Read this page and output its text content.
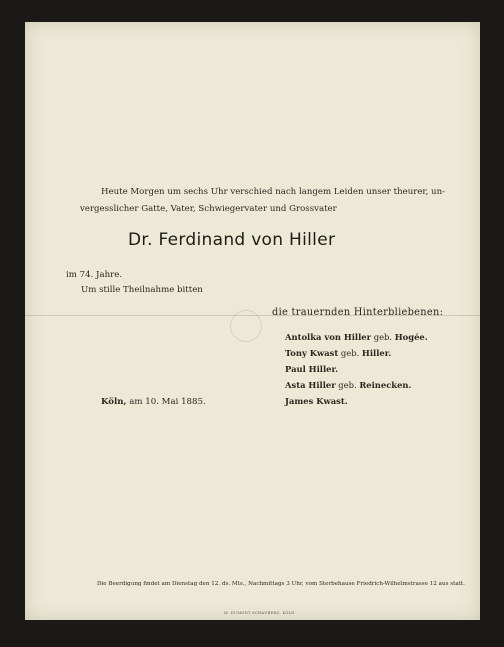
Heute Morgen um sechs Uhr verschied nach langem Leiden unser theurer, un-
vergesslicher Gatte, Vater, Schwiegervater und Grossvater
Dr. Ferdinand von Hiller
im 74. Jahre.
Um stille Theilnahme bitten
die trauernden Hinterbliebenen:
Antolka von Hiller geb. Hogée.
Tony Kwast geb. Hiller.
Paul Hiller.
Asta Hiller geb. Reinecken.
James Kwast.
Köln, am 10. Mai 1885.
Die Beerdigung findet am Dienstag den 12. ds. Mts., Nachmittags 3 Uhr, vom Sterbehause Friedrich-Wilhelmstrasse 12 aus statt.
M. DUMONT SCHAUBERG, KÖLN.
